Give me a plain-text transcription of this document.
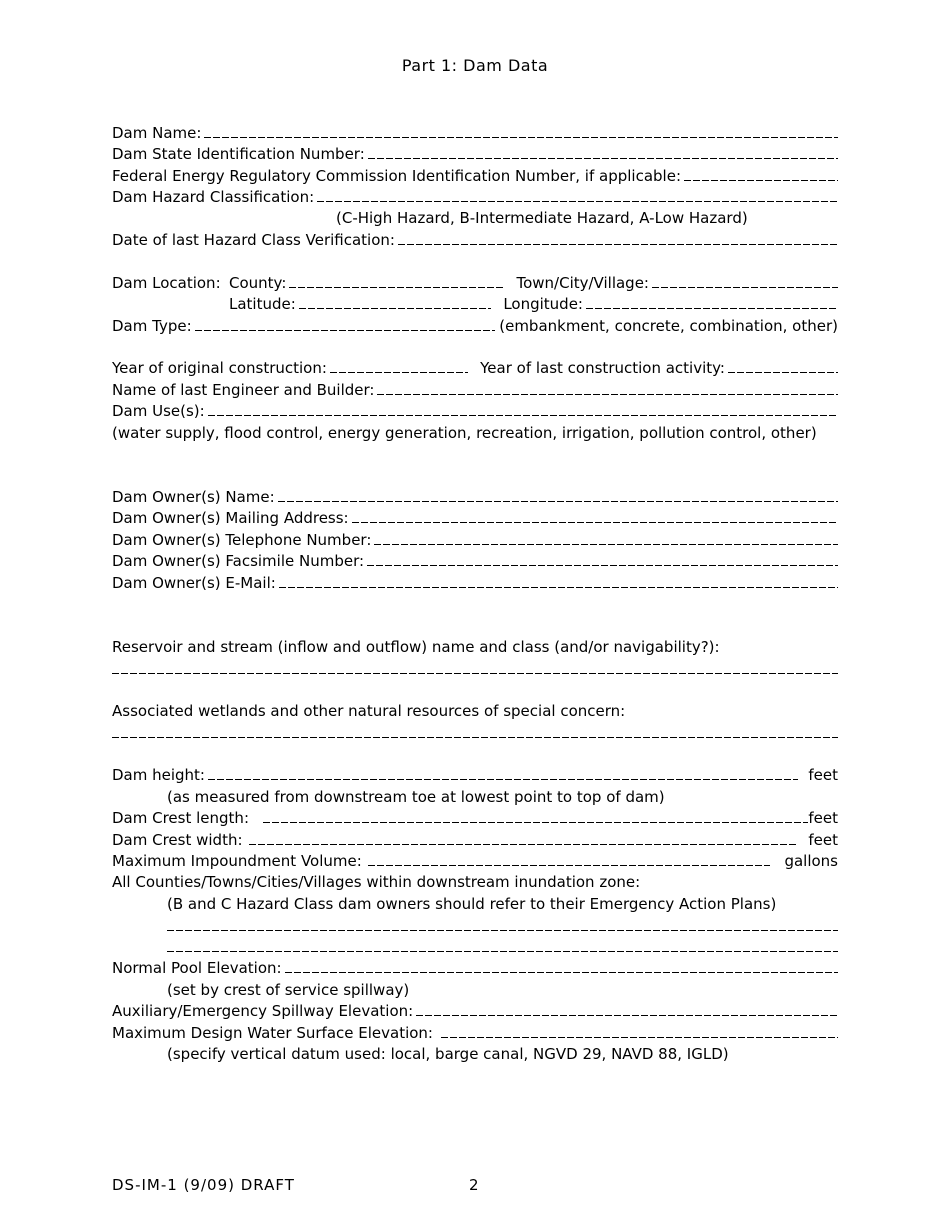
Part 1: Dam Data
Dam Name:
Dam State Identification Number:
Federal Energy Regulatory Commission Identification Number, if applicable:
Dam Hazard Classification:
(C-High Hazard, B-Intermediate Hazard, A-Low Hazard)
Date of last Hazard Class Verification:
Dam Location: County:	Town/City/Village:
Latitude:	Longitude:
Dam Type:	(embankment, concrete, combination, other)
Year of original construction:	Year of last construction activity:
Name of last Engineer and Builder:
Dam Use(s):
(water supply, flood control, energy generation, recreation, irrigation, pollution control, other)
Dam Owner(s) Name:
Dam Owner(s) Mailing Address:
Dam Owner(s) Telephone Number:
Dam Owner(s) Facsimile Number:
Dam Owner(s) E-Mail:
Reservoir and stream (inflow and outflow) name and class (and/or navigability?):
Associated wetlands and other natural resources of special concern:
Dam height:	feet
(as measured from downstream toe at lowest point to top of dam)
Dam Crest length:	feet
Dam Crest width:	feet
Maximum Impoundment Volume:	gallons
All Counties/Towns/Cities/Villages within downstream inundation zone:
(B and C Hazard Class dam owners should refer to their Emergency Action Plans)
Normal Pool Elevation:
(set by crest of service spillway)
Auxiliary/Emergency Spillway Elevation:
Maximum Design Water Surface Elevation:
(specify vertical datum used: local, barge canal, NGVD 29, NAVD 88, IGLD)
DS-IM-1 (9/09) DRAFT	2
